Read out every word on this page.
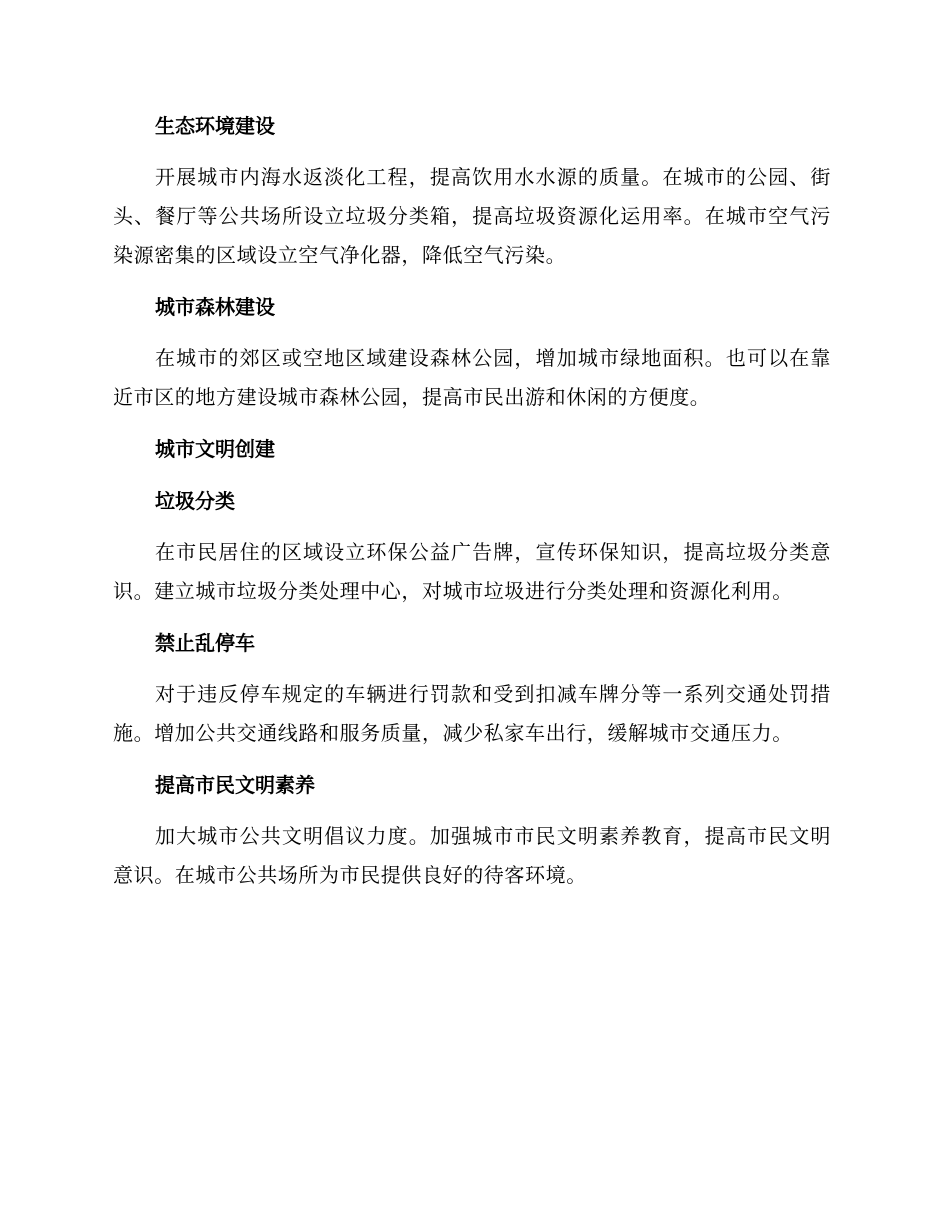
生态环境建设

开展城市内海水返淡化工程，提高饮用水水源的质量。在城市的公园、街头、餐厅等公共场所设立垃圾分类箱，提高垃圾资源化运用率。在城市空气污染源密集的区域设立空气净化器，降低空气污染。

城市森林建设

在城市的郊区或空地区域建设森林公园，增加城市绿地面积。也可以在靠近市区的地方建设城市森林公园，提高市民出游和休闲的方便度。

城市文明创建
垃圾分类

在市民居住的区域设立环保公益广告牌，宣传环保知识，提高垃圾分类意识。建立城市垃圾分类处理中心，对城市垃圾进行分类处理和资源化利用。

禁止乱停车

对于违反停车规定的车辆进行罚款和受到扣减车牌分等一系列交通处罚措施。增加公共交通线路和服务质量，减少私家车出行，缓解城市交通压力。

提高市民文明素养

加大城市公共文明倡议力度。加强城市市民文明素养教育，提高市民文明意识。在城市公共场所为市民提供良好的待客环境。
